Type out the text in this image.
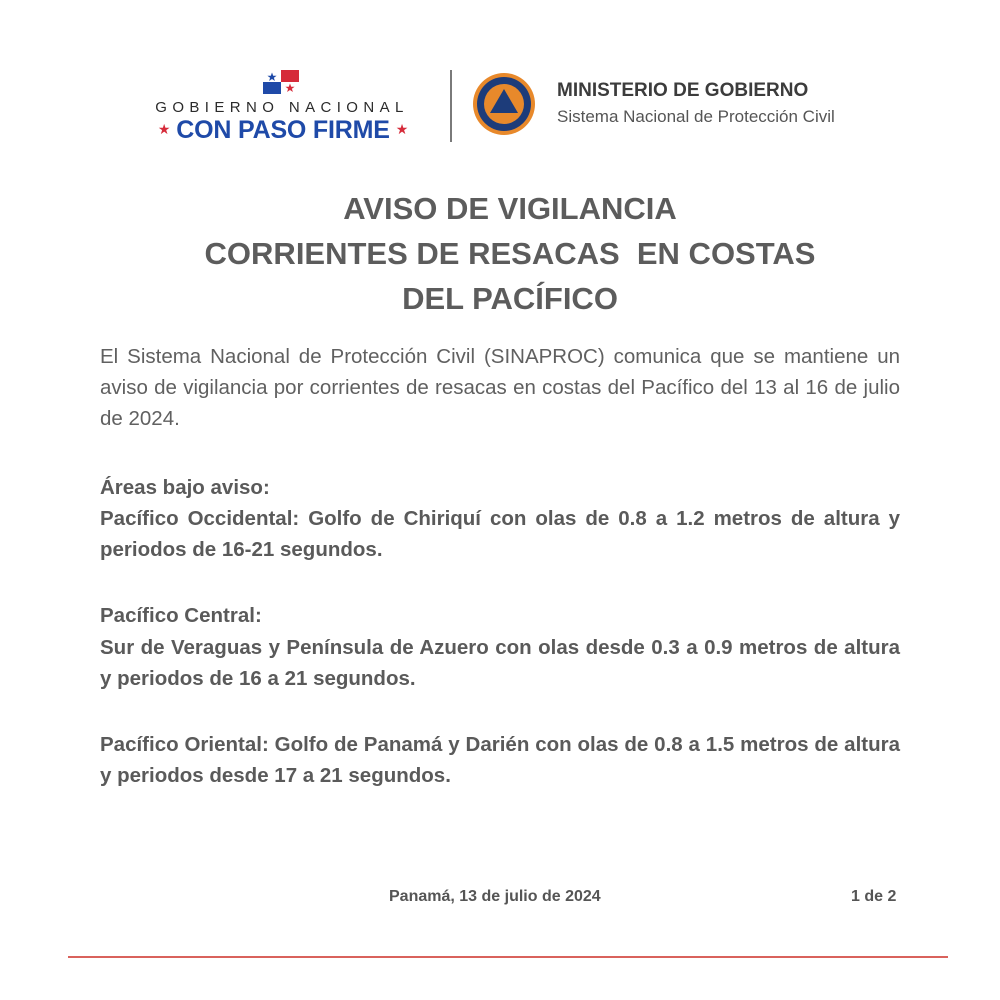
GOBIERNO NACIONAL
★ CON PASO FIRME ★
MINISTERIO DE GOBIERNO
Sistema Nacional de Protección Civil
AVISO DE VIGILANCIA
CORRIENTES DE RESACAS  EN COSTAS
DEL PACÍFICO
El Sistema Nacional de Protección Civil (SINAPROC) comunica que se mantiene un aviso de vigilancia por corrientes de resacas en costas del Pacífico del 13 al 16 de julio de 2024.
Áreas bajo aviso:
Pacífico Occidental: Golfo de Chiriquí con olas de 0.8 a 1.2 metros de altura y periodos de 16-21 segundos.
Pacífico Central:
Sur de Veraguas y Península de Azuero con olas desde 0.3 a 0.9 metros de altura y periodos de 16 a 21 segundos.
Pacífico Oriental: Golfo de Panamá y Darién con olas de 0.8 a 1.5 metros de altura y periodos desde 17 a 21 segundos.
Panamá, 13 de julio de 2024	1 de 2
